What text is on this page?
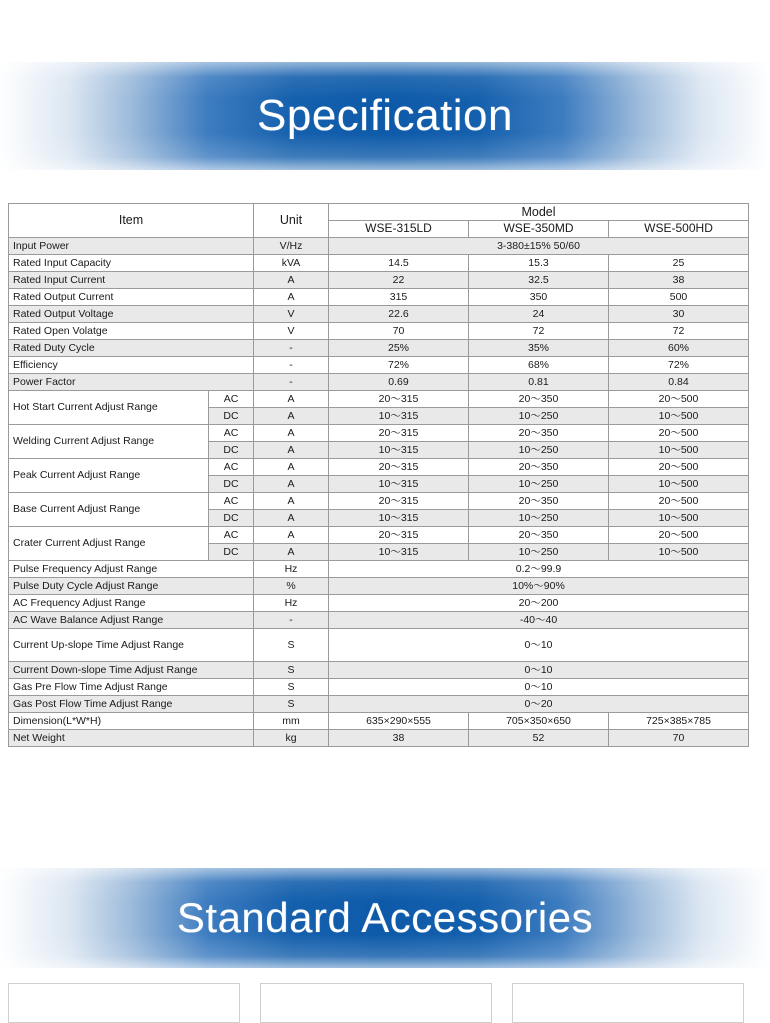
Specification
Item		Unit	Model		
			WSE-315LD	WSE-350MD	WSE-500HD
Input Power		V/Hz	3-380±15% 50/60		
Rated Input Capacity		kVA	14.5	15.3	25
Rated Input Current		A	22	32.5	38
Rated Output Current		A	315	350	500
Rated Output Voltage		V	22.6	24	30
Rated Open Volatge		V	70	72	72
Rated Duty Cycle		-	25%	35%	60%
Efficiency		-	72%	68%	72%
Power Factor		-	0.69	0.81	0.84
Hot Start Current Adjust Range	AC	A	20～315	20～350	20～500
	DC	A	10～315	10～250	10～500
Welding Current Adjust Range	AC	A	20～315	20～350	20～500
	DC	A	10～315	10～250	10～500
Peak Current Adjust Range	AC	A	20～315	20～350	20～500
	DC	A	10～315	10～250	10～500
Base Current Adjust Range	AC	A	20～315	20～350	20～500
	DC	A	10～315	10～250	10～500
Crater Current Adjust Range	AC	A	20～315	20～350	20～500
	DC	A	10～315	10～250	10～500
Pulse Frequency Adjust Range		Hz	0.2～99.9		
Pulse Duty Cycle Adjust Range		%	10%～90%		
AC Frequency Adjust Range		Hz	20～200		
AC Wave Balance Adjust Range		-	-40～40		
Current Up-slope Time Adjust Range		S	0～10		
Current Down-slope Time Adjust Range		S	0～10		
Gas Pre Flow Time Adjust Range		S	0～10		
Gas Post Flow Time Adjust Range		S	0～20		
Dimension(L*W*H)		mm	635×290×555	705×350×650	725×385×785
Net Weight		kg	38	52	70
Standard Accessories
